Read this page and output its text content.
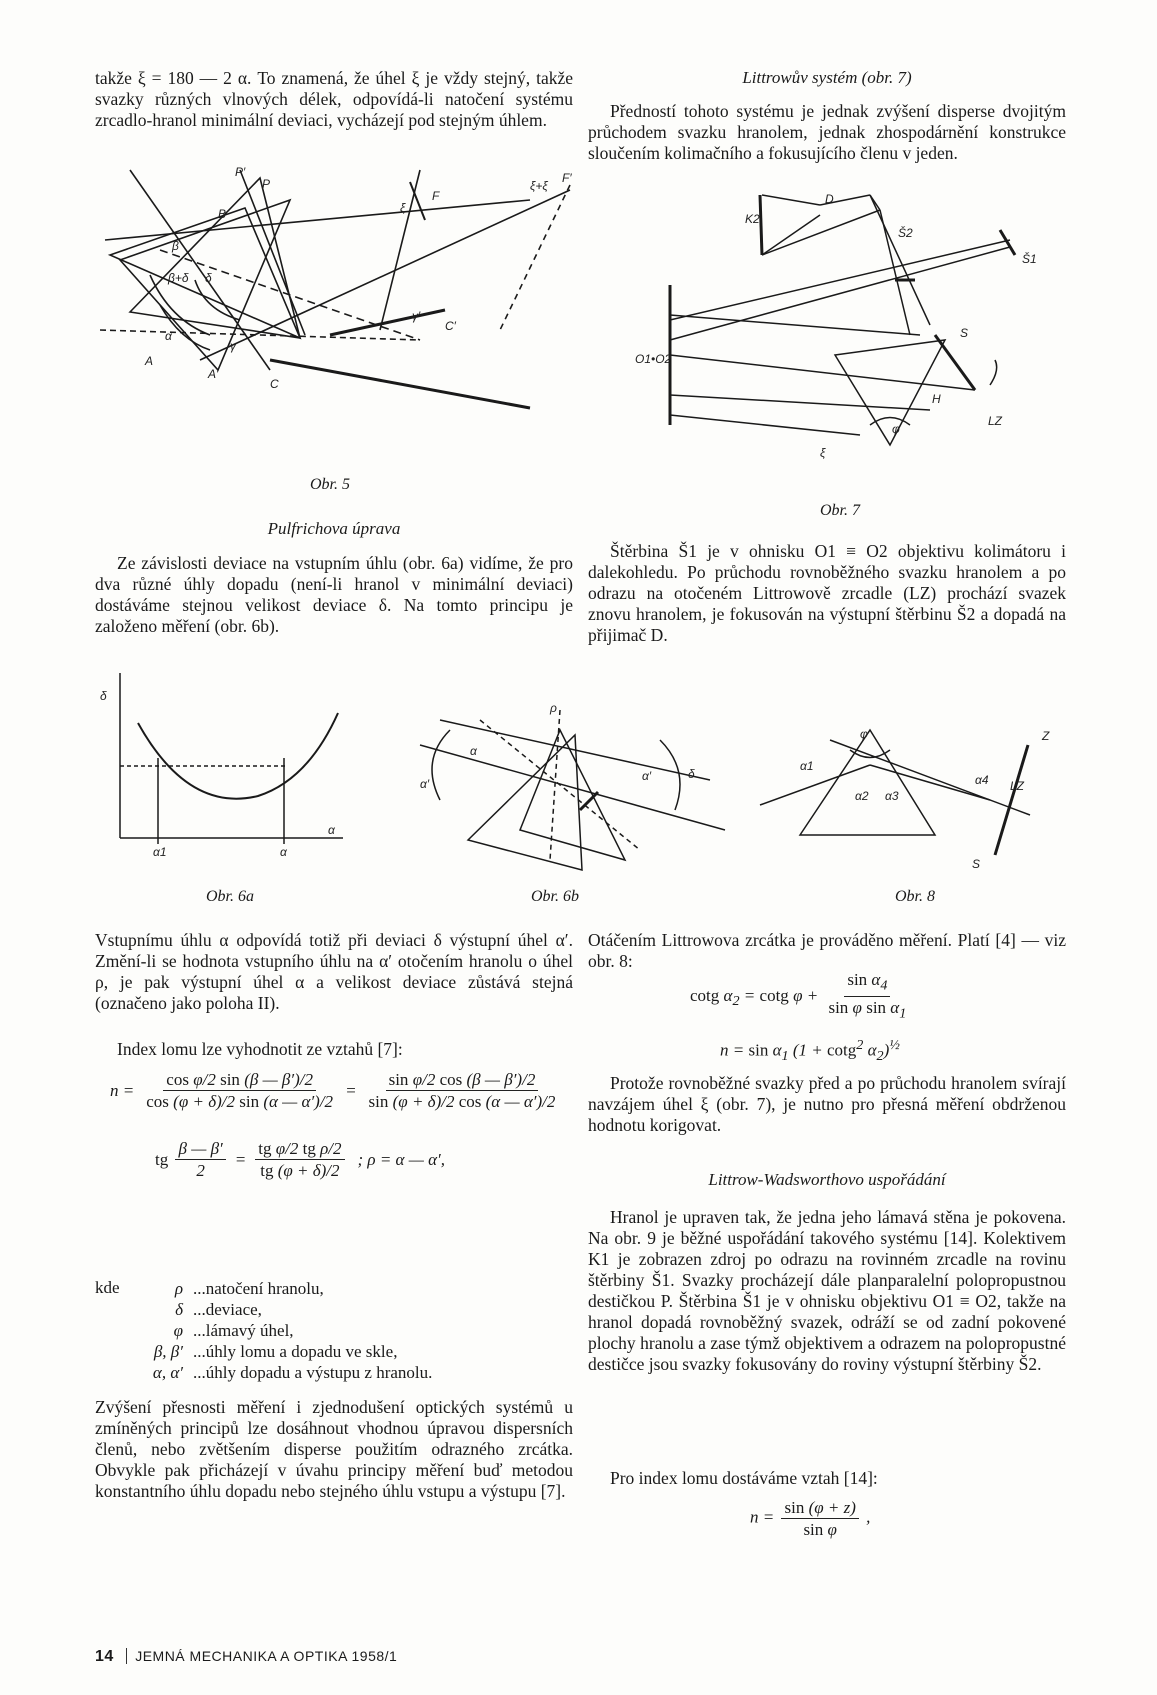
takže ξ = 180 — 2 α. To znamená, že úhel ξ je vždy stejný, takže svazky různých vlnových délek, odpovídá-li natočení systému zrcadlo-hranol minimální deviaci, vycházejí pod stejným úhlem.
P′
P
B
β
β+δ δ
α
A
A′
γ
C
C′
ξ
F
ξ+ξ
F′
γ′
Obr. 5
Pulfrichova úprava
Ze závislosti deviace na vstupním úhlu (obr. 6a) vidíme, že pro dva různé úhly dopadu (není-li hranol v minimální deviaci) dostáváme stejnou velikost deviace δ. Na tomto principu je založeno měření (obr. 6b).
δ
α
α1	α
ρ
α
α′
α′	δ
φ
α1
α2 α3
α4 LZ
Z
S
Obr. 6a	Obr. 6b	Obr. 8
Vstupnímu úhlu α odpovídá totiž při deviaci δ výstupní úhel α′. Změní-li se hodnota vstupního úhlu na α′ otočením hranolu o úhel ρ, je pak výstupní úhel α a velikost deviace zůstává stejná (označeno jako poloha II).
Index lomu lze vyhodnotit ze vztahů [7]:
$n = \frac{\text{cos φ/2 sin (β — β′)/2}}{\cos (\varphi + \delta)/2 \sin (\alpha — \alpha')/2} = \frac{\text{sin φ/2 cos (β — β′)/2}}{\sin (\varphi + \delta)/2 \cos (\alpha — \alpha')/2}$
tg
$\frac{\beta — \beta'}{2} = \frac{\text{tg φ/2 tg ρ/2}}{tg (\varphi + \delta)/2}$ ; ρ = α — α′,
kde	ρ ...natočení hranolu,
δ ...deviace,
φ ...lámavý úhel,
β, β′ ...úhly lomu a dopadu ve skle,
α, α′ ...úhly dopadu a výstupu z hranolu.
Zvýšení přesnosti měření i zjednodušení optických systémů u zmíněných principů lze dosáhnout vhodnou úpravou dispersních členů, nebo zvětšením disperse použitím odrazného zrcátka. Obvykle pak přicházejí v úvahu principy měření buď metodou konstantního úhlu dopadu nebo stejného úhlu vstupu a výstupu [7].
Littrowův systém (obr. 7)
Předností tohoto systému je jednak zvýšení disperse dvojitým průchodem svazku hranolem, jednak zhospodárnění konstrukce sloučením kolimačního a fokusujícího členu v jeden.
K2
D
Š2
Š1
O1•O2
S
H
φ
LZ
ξ
Obr. 7

Štěrbina Š1 je v ohnisku O1 ≡ O2 objektivu kolimátoru i dalekohledu. Po průchodu rovnoběžného svazku hranolem a po odrazu na otočeném Littrowově zrcadle (LZ) prochází svazek znovu hranolem, je fokusován na výstupní štěrbinu Š2 a dopadá na přijimač D.

Otáčením Littrowova zrcátka je prováděno měření. Platí [4] — viz obr. 8:
cotg $\alpha_2 = \cot g$ $\varphi + \frac{\sin \alpha_4}{\sin \varphi \sin \alpha_1}$
$n = \sin \alpha_1$ (1 + cotg$^2$ $\alpha_2)^{\frac{1}{2}}$
Protože rovnoběžné svazky před a po průchodu hranolem svírají navzájem úhel ξ (obr. 7), je nutno pro přesná měření obdrženou hodnotu korigovat.
Littrow-Wadsworthovo uspořádání
Hranol je upraven tak, že jedna jeho lámavá stěna je pokovena. Na obr. 9 je běžné uspořádání takového systému [14]. Kolektivem K1 je zobrazen zdroj po odrazu na rovinném zrcadle na rovinu štěrbiny Š1. Svazky procházejí dále planparalelní polopropustnou destičkou P. Štěrbina Š1 je v ohnisku objektivu O1 ≡ O2, takže na hranol dopadá rovnoběžný svazek, odráží se od zadní pokovené plochy hranolu a zase týmž objektivem a odrazem na polopropustné destičce jsou svazky fokusovány do roviny výstupní štěrbiny Š2.
Pro index lomu dostáváme vztah [14]:
$n = \frac{\sin (\varphi + z)}{\text{sin φ}}$ ,
14 JEMNÁ MECHANIKA A OPTIKA 1958/1
